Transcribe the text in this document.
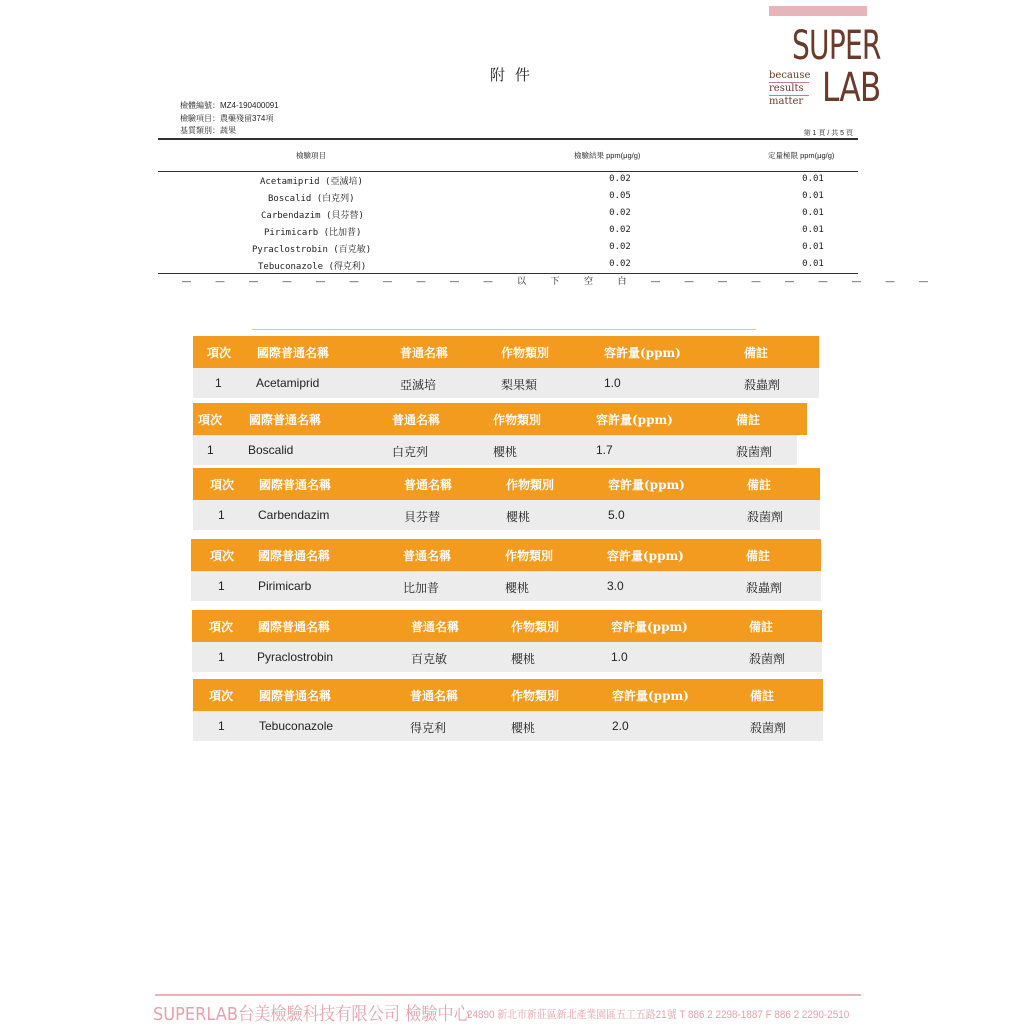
SUPER
LAB
because
results
matter
附件
檢體編號：MZ4-190400091
檢驗項目：農藥殘留374項
基質類別：蔬果	第 1 頁 / 共 5 頁
檢驗項目	檢驗結果 ppm(μg/g)	定量極限 ppm(μg/g)
Acetamiprid (亞滅培)	0.02	0.01
Boscalid (白克列)	0.05	0.01
Carbendazim (貝芬替)	0.02	0.01
Pirimicarb (比加普)	0.02	0.01
Pyraclostrobin (百克敏)	0.02	0.01
Tebuconazole (得克利)	0.02	0.01
— — — — — — — — — — 以 下 空 白 — — — — — — — — —
項次 國際普通名稱	普通名稱	作物類別	容許量(ppm)	備註
1	Acetamiprid	亞滅培	梨果類	1.0	殺蟲劑
項次 國際普通名稱	普通名稱	作物類別	容許量(ppm)	備註
1	Boscalid	白克列	櫻桃	1.7	殺菌劑
項次 國際普通名稱	普通名稱	作物類別	容許量(ppm)	備註
1	Carbendazim	貝芬替	櫻桃	5.0	殺菌劑
項次 國際普通名稱	普通名稱	作物類別	容許量(ppm)	備註
1	Pirimicarb	比加普	櫻桃	3.0	殺蟲劑
項次 國際普通名稱	普通名稱	作物類別	容許量(ppm)	備註
1	Pyraclostrobin	百克敏	櫻桃	1.0	殺菌劑
項次 國際普通名稱	普通名稱	作物類別	容許量(ppm)	備註
1	Tebuconazole	得克利	櫻桃	2.0	殺菌劑
SUPERLAB台美檢驗科技有限公司 檢驗中心
24890 新北市新莊區新北產業園區五工五路21號 T 886 2 2298-1887 F 886 2 2290-2510
